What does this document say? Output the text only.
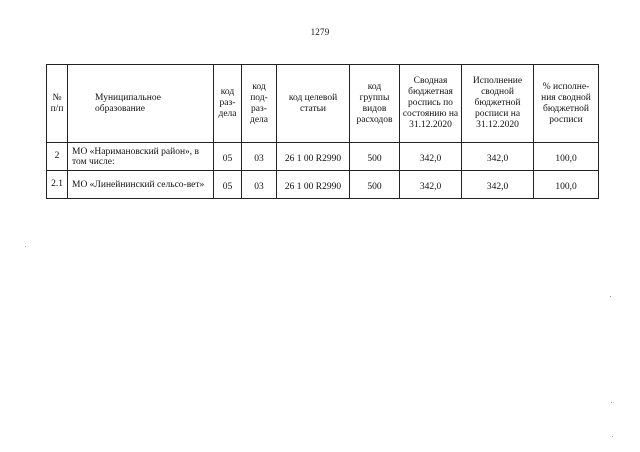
1279
№ п/п	Муниципальное образование	код раз-дела	код под-раз-дела	код целевой статьи	код группы видов расходов	Сводная бюджетная роспись по состоянию на 31.12.2020	Исполнение сводной бюджетной росписи на 31.12.2020	% исполне-ния сводной бюджетной росписи
2	МО «Наримановский район», в том числе:	05	03	26 1 00 R2990	500	342,0	342,0	100,0
2.1	МО «Линейнинский сельсо-вет»	05	03	26 1 00 R2990	500	342,0	342,0	100,0
